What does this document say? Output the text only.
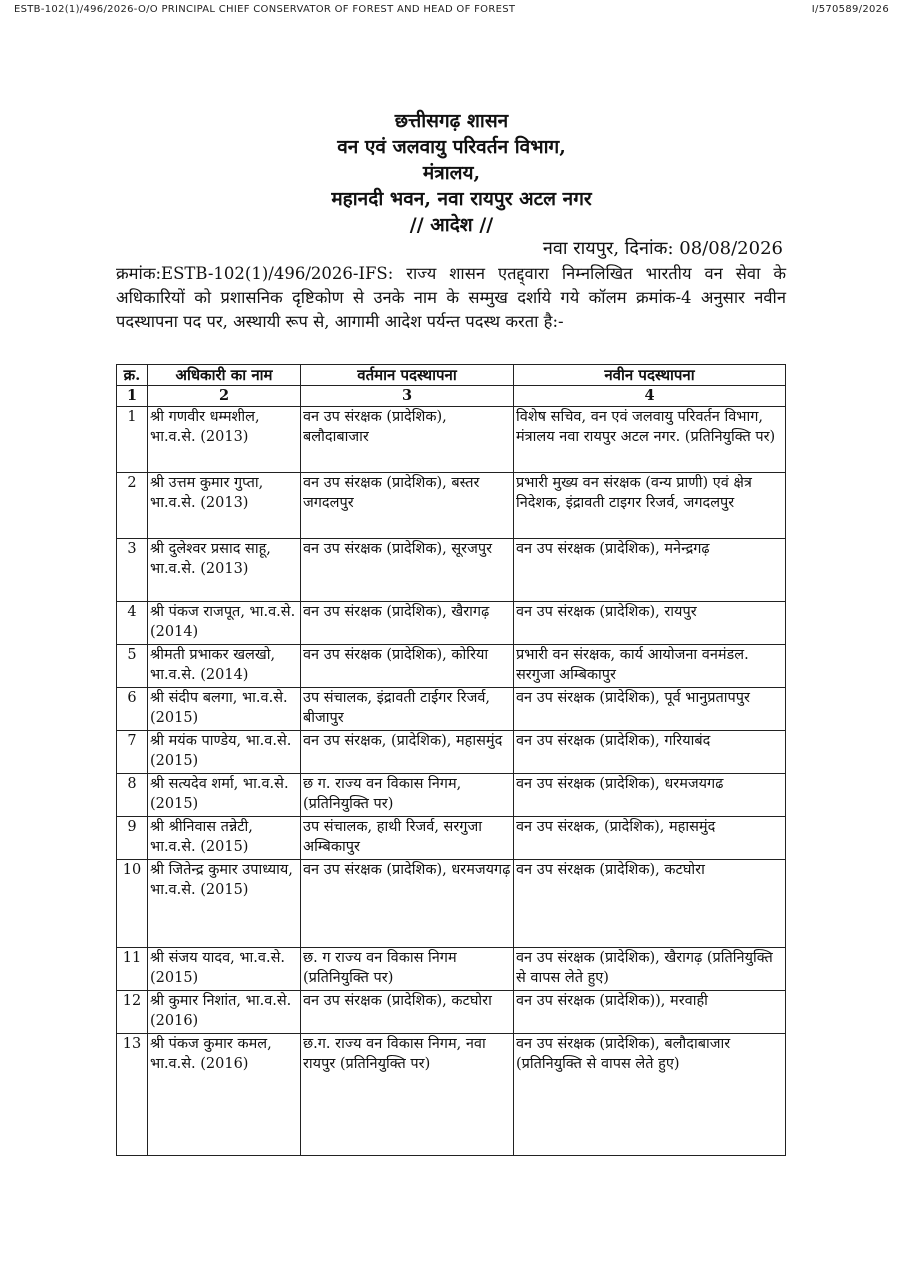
ESTB-102(1)/496/2026-O/O PRINCIPAL CHIEF CONSERVATOR OF FOREST AND HEAD OF FOREST	I/570589/2026
छत्तीसगढ़ शासन
वन एवं जलवायु परिवर्तन विभाग,
मंत्रालय,
महानदी भवन, नवा रायपुर अटल नगर
// आदेश //
नवा रायपुर, दिनांक: 08/08/2026
क्रमांक:ESTB-102(1)/496/2026-IFS: राज्य शासन एतद्द्वारा निम्नलिखित भारतीय वन सेवा के अधिकारियों को प्रशासनिक दृष्टिकोण से उनके नाम के सम्मुख दर्शाये गये कॉलम क्रमांक-4 अनुसार नवीन पदस्थापना पद पर, अस्थायी रूप से, आगामी आदेश पर्यन्त पदस्थ करता है:-
क्र.	अधिकारी का नाम	वर्तमान पदस्थापना	नवीन पदस्थापना
1	2	3	4
1	श्री गणवीर धम्मशील, भा.व.से. (2013)	वन उप संरक्षक (प्रादेशिक), बलौदाबाजार	विशेष सचिव, वन एवं जलवायु परिवर्तन विभाग, मंत्रालय नवा रायपुर अटल नगर. (प्रतिनियुक्ति पर)
2	श्री उत्तम कुमार गुप्ता, भा.व.से. (2013)	वन उप संरक्षक (प्रादेशिक), बस्तर जगदलपुर	प्रभारी मुख्य वन संरक्षक (वन्य प्राणी) एवं क्षेत्र निदेशक, इंद्रावती टाइगर रिजर्व, जगदलपुर
3	श्री दुलेश्वर प्रसाद साहू, भा.व.से. (2013)	वन उप संरक्षक (प्रादेशिक), सूरजपुर	वन उप संरक्षक (प्रादेशिक), मनेन्द्रगढ़
4	श्री पंकज राजपूत, भा.व.से. (2014)	वन उप संरक्षक (प्रादेशिक), खैरागढ़	वन उप संरक्षक (प्रादेशिक), रायपुर
5	श्रीमती प्रभाकर खलखो, भा.व.से. (2014)	वन उप संरक्षक (प्रादेशिक), कोरिया	प्रभारी वन संरक्षक, कार्य आयोजना वनमंडल. सरगुजा अम्बिकापुर
6	श्री संदीप बलगा, भा.व.से. (2015)	उप संचालक, इंद्रावती टाईगर रिजर्व, बीजापुर	वन उप संरक्षक (प्रादेशिक), पूर्व भानुप्रतापपुर
7	श्री मयंक पाण्डेय, भा.व.से. (2015)	वन उप संरक्षक, (प्रादेशिक), महासमुंद	वन उप संरक्षक (प्रादेशिक), गरियाबंद
8	श्री सत्यदेव शर्मा, भा.व.से. (2015)	छ ग. राज्य वन विकास निगम, (प्रतिनियुक्ति पर)	वन उप संरक्षक (प्रादेशिक), धरमजयगढ
9	श्री श्रीनिवास तन्नेटी, भा.व.से. (2015)	उप संचालक, हाथी रिजर्व, सरगुजा अम्बिकापुर	वन उप संरक्षक, (प्रादेशिक), महासमुंद
10	श्री जितेन्द्र कुमार उपाध्याय, भा.व.से. (2015)	वन उप संरक्षक (प्रादेशिक), धरमजयगढ़	वन उप संरक्षक (प्रादेशिक), कटघोरा
11	श्री संजय यादव, भा.व.से. (2015)	छ. ग राज्य वन विकास निगम (प्रतिनियुक्ति पर)	वन उप संरक्षक (प्रादेशिक), खैरागढ़ (प्रतिनियुक्ति से वापस लेते हुए)
12	श्री कुमार निशांत, भा.व.से. (2016)	वन उप संरक्षक (प्रादेशिक), कटघोरा	वन उप संरक्षक (प्रादेशिक)), मरवाही
13	श्री पंकज कुमार कमल, भा.व.से. (2016)	छ.ग. राज्य वन विकास निगम, नवा रायपुर (प्रतिनियुक्ति पर)	वन उप संरक्षक (प्रादेशिक), बलौदाबाजार (प्रतिनियुक्ति से वापस लेते हुए)
